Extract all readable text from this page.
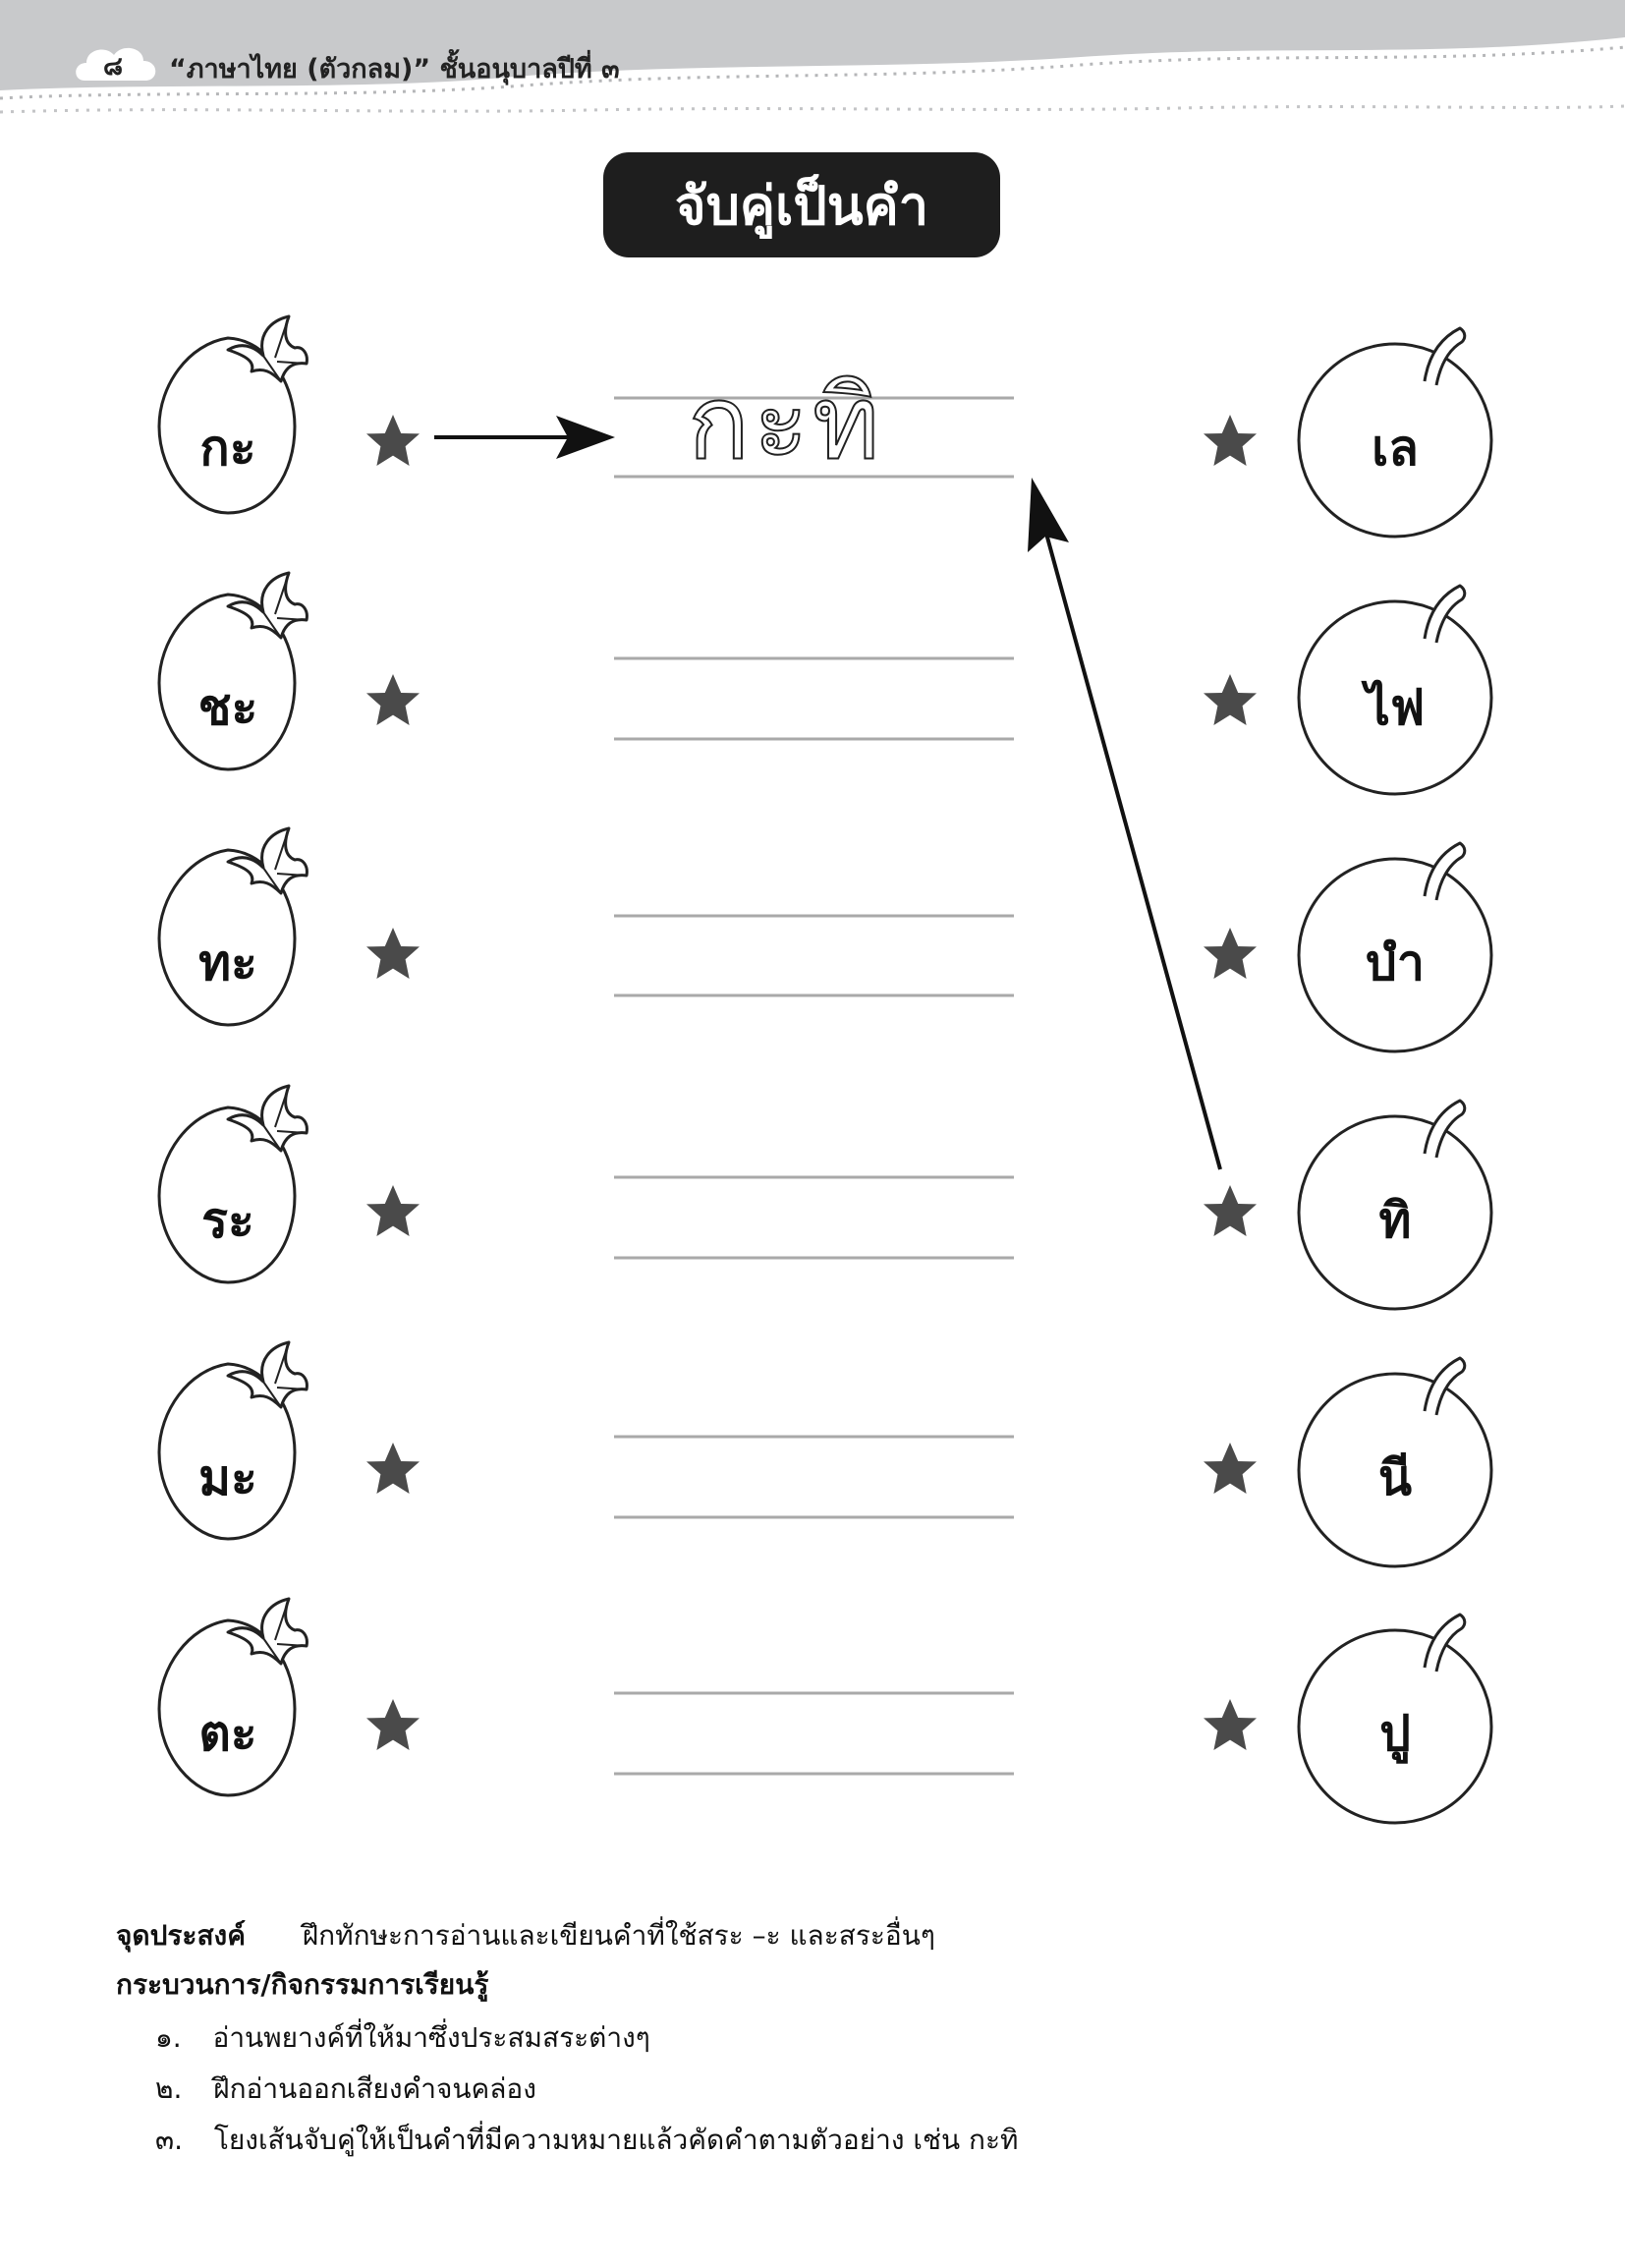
๘	“ภาษาไทย (ตัวกลม)” ชั้นอนุบาลปีที่ ๓
จับคู่เป็นคำ
กะ
ชะ
ทะ
ระ
มะ
ตะ
เล
ไฟ
บำ
ทิ
นี
ปู
กะทิ
จุดประสงค์ ฝึกทักษะการอ่านและเขียนคำที่ใช้สระ –ะ และสระอื่นๆ
กระบวนการ/กิจกรรมการเรียนรู้
๑. อ่านพยางค์ที่ให้มาซึ่งประสมสระต่างๆ
๒. ฝึกอ่านออกเสียงคำจนคล่อง
๓. โยงเส้นจับคู่ให้เป็นคำที่มีความหมายแล้วคัดคำตามตัวอย่าง เช่น กะทิ
